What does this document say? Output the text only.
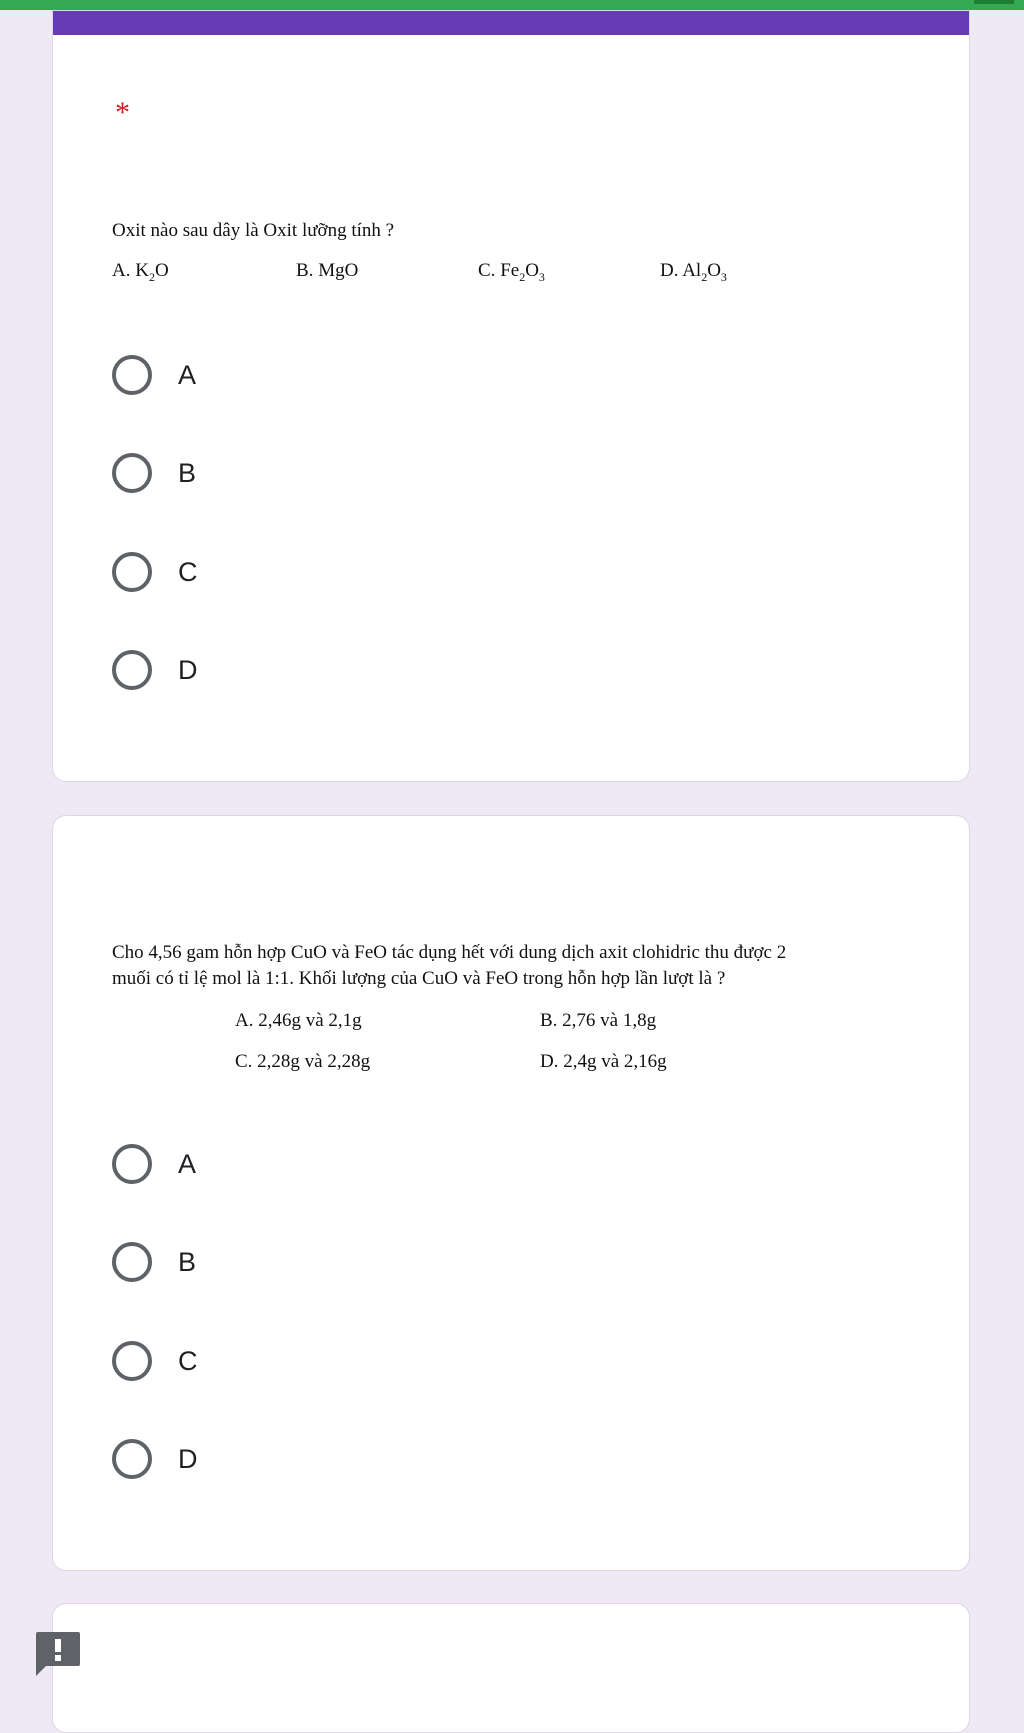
*
Oxit nào sau dây là Oxit lưỡng tính ?
A. $K_2O$	B. MgO	C. $Fe_2O_3$	D. $Al_2O_3$
A
B
C
D
Cho 4,56 gam hỗn hợp CuO và FeO tác dụng hết với dung dịch axit clohidric thu được 2
muối có tỉ lệ mol là 1:1. Khối lượng của CuO và FeO trong hỗn hợp lần lượt là ?
A. 2,46g và 2,1g	B. 2,76 và 1,8g
C. 2,28g và 2,28g	D. 2,4g và 2,16g
A
B
C
D
